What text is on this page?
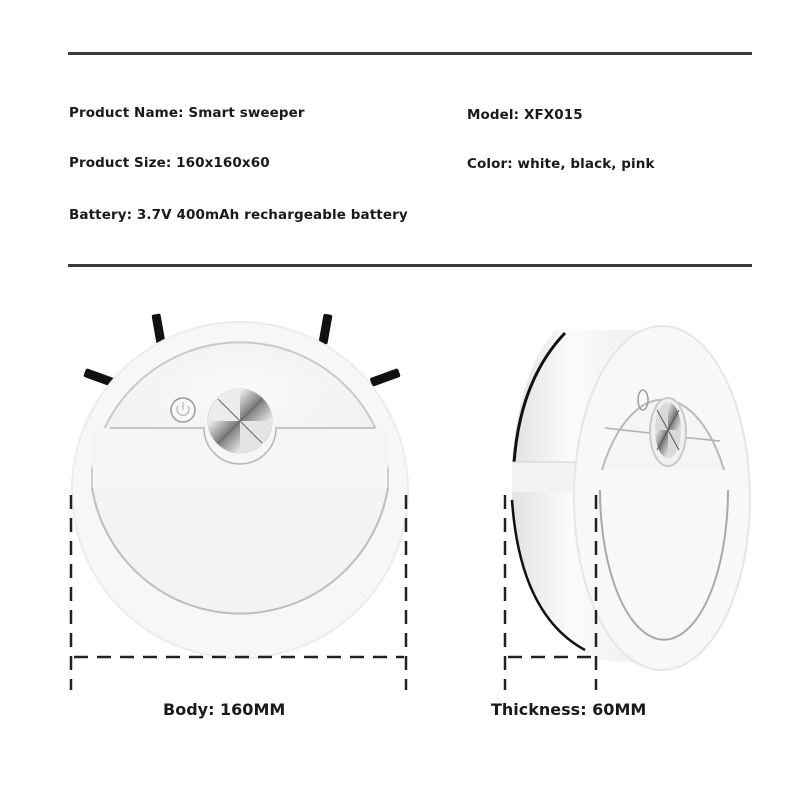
Product Name: Smart sweeper
Product Size: 160x160x60
Battery: 3.7V 400mAh rechargeable battery
Model: XFX015
Color: white, black, pink
Body: 160MM	Thickness: 60MM
